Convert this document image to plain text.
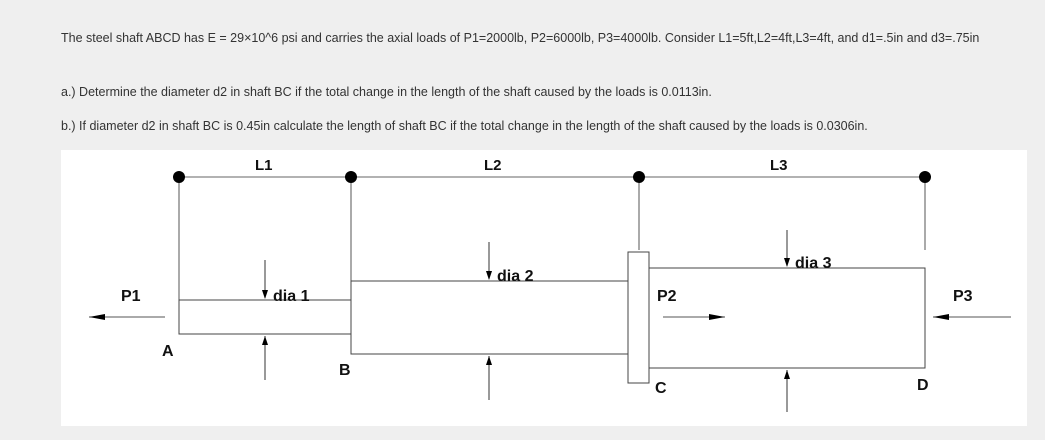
The steel shaft ABCD has E = 29×10^6 psi and carries the axial loads of P1=2000lb, P2=6000lb, P3=4000lb. Consider L1=5ft,L2=4ft,L3=4ft, and d1=.5in and d3=.75in

a.) Determine the diameter d2 in shaft BC if the total change in the length of the shaft caused by the loads is 0.0113in.
b.) If diameter d2 in shaft BC is 0.45in calculate the length of shaft BC if the total change in the length of the shaft caused by the loads is 0.0306in.
L1	L2	L3
dia 1
dia 2
dia 3
A
B
C	D
P1	P2	P3
